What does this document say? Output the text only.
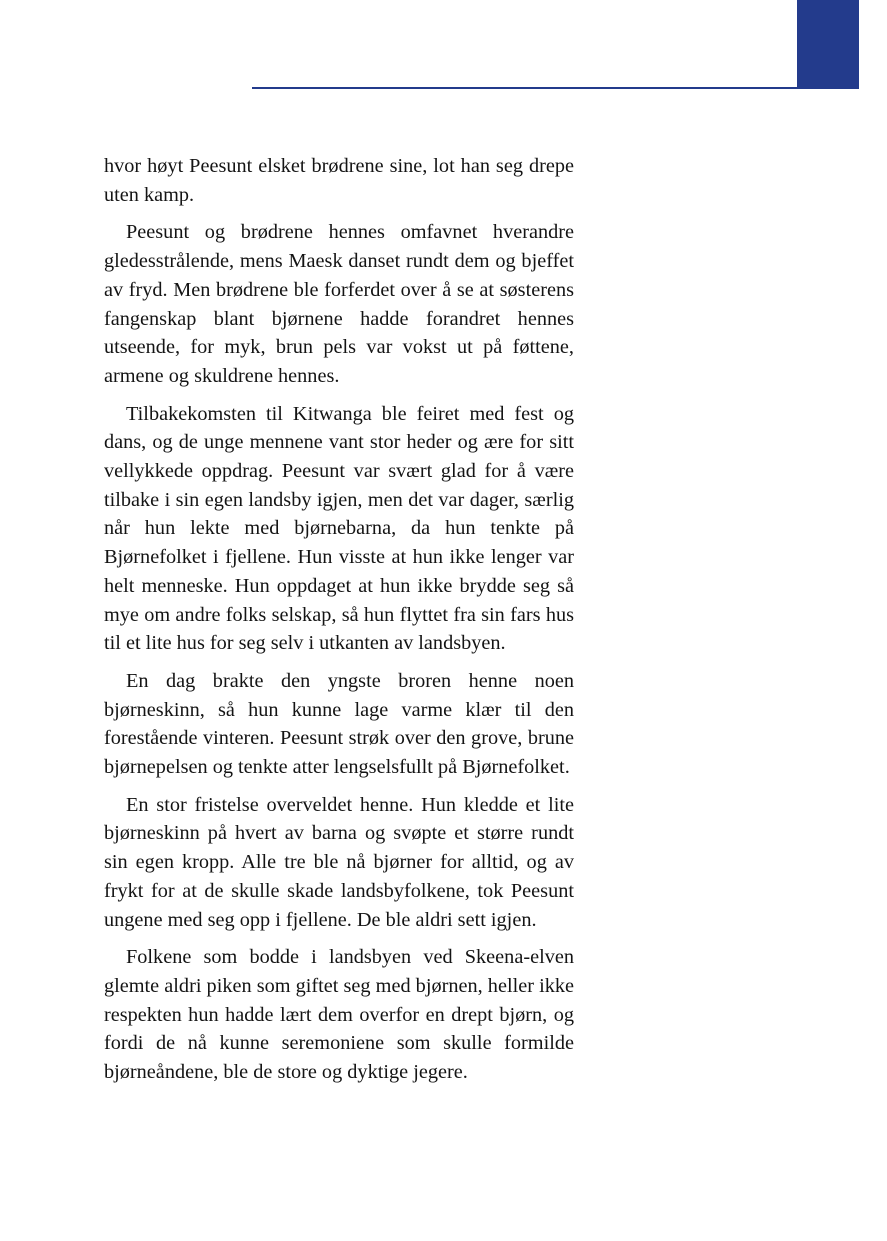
hvor høyt Peesunt elsket brødrene sine, lot han seg drepe uten kamp.

Peesunt og brødrene hennes omfavnet hverandre gledesstrålende, mens Maesk danset rundt dem og bjeffet av fryd. Men brødrene ble forferdet over å se at søsterens fangenskap blant bjørnene hadde forandret hennes utseende, for myk, brun pels var vokst ut på føttene, armene og skuldrene hennes.

Tilbakekomsten til Kitwanga ble feiret med fest og dans, og de unge mennene vant stor heder og ære for sitt vellykkede oppdrag. Peesunt var svært glad for å være tilbake i sin egen landsby igjen, men det var dager, særlig når hun lekte med bjørnebarna, da hun tenkte på Bjørnefolket i fjellene. Hun visste at hun ikke lenger var helt menneske. Hun oppdaget at hun ikke brydde seg så mye om andre folks selskap, så hun flyttet fra sin fars hus til et lite hus for seg selv i utkanten av landsbyen.

En dag brakte den yngste broren henne noen bjørneskinn, så hun kunne lage varme klær til den forestående vinteren. Peesunt strøk over den grove, brune bjørnepelsen og tenkte atter lengselsfullt på Bjørnefolket.

En stor fristelse overveldet henne. Hun kledde et lite bjørneskinn på hvert av barna og svøpte et større rundt sin egen kropp. Alle tre ble nå bjørner for alltid, og av frykt for at de skulle skade landsbyfolkene, tok Peesunt ungene med seg opp i fjellene. De ble aldri sett igjen.

Folkene som bodde i landsbyen ved Skeena-elven glemte aldri piken som giftet seg med bjørnen, heller ikke respekten hun hadde lært dem overfor en drept bjørn, og fordi de nå kunne seremoniene som skulle formilde bjørneåndene, ble de store og dyktige jegere.
